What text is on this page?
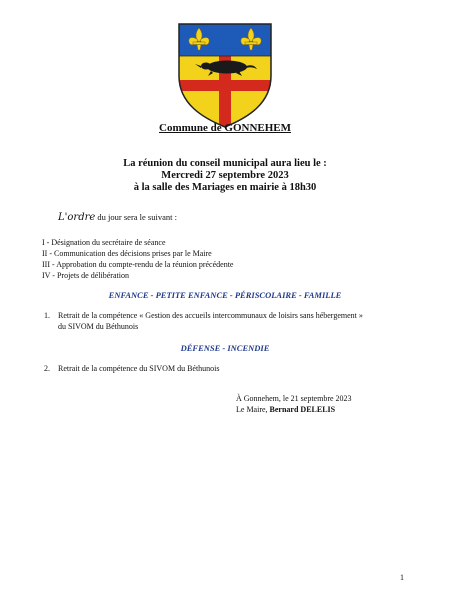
Commune de GONNEHEM
La réunion du conseil municipal aura lieu le :
Mercredi 27 septembre 2023
à la salle des Mariages en mairie à 18h30
L'ordre du jour sera le suivant :
I - Désignation du secrétaire de séance
II - Communication des décisions prises par le Maire
III - Approbation du compte-rendu de la réunion précédente
IV - Projets de délibération
ENFANCE - PETITE ENFANCE - PÉRISCOLAIRE - FAMILLE
1. Retrait de la compétence « Gestion des accueils intercommunaux de loisirs sans hébergement »
du SIVOM du Béthunois
DÉFENSE - INCENDIE
2. Retrait de la compétence du SIVOM du Béthunois
À Gonnehem, le 21 septembre 2023
Le Maire, Bernard DELELIS
1
